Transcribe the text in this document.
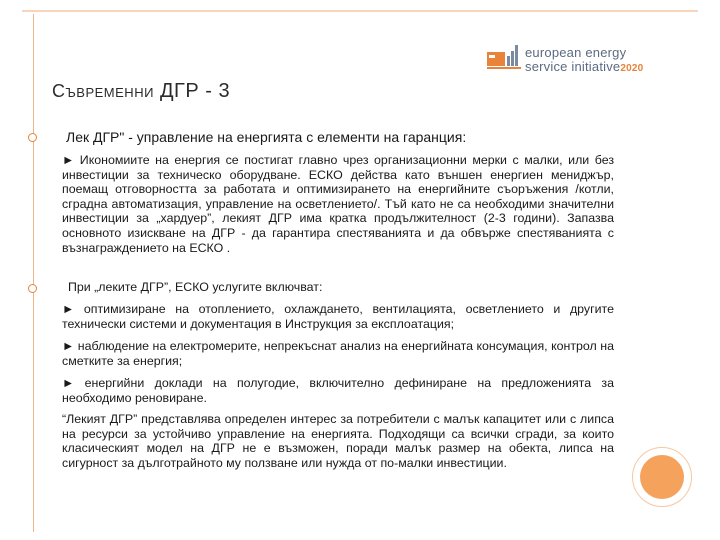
european energy
service initiative2020
Съвременни ДГР - 3
Лек ДГР" - управление на енергията с елементи на гаранция:
► Икономиите на енергия се постигат главно чрез организационни мерки с малки, или без инвестиции за техническо оборудване. ЕСКО действа като външен енергиен мениджър, поемащ отговорността за работата и оптимизирането на енергийните съоръжения /котли, сградна автоматизация, управление на осветлението/. Тъй като не са необходими значителни инвестиции за „хардуер”, лекият ДГР има кратка продължителност (2-3 години). Запазва основното изискване на ДГР - да гарантира спестяванията и да обвърже спестяванията с възнаграждението на ЕСКО .
При „леките ДГР”, ЕСКО услугите включват:
► оптимизиране на отоплението, охлаждането, вентилацията, осветлението и другите технически системи и документация в Инструкция за експлоатация;
► наблюдение на електромерите, непрекъснат анализ на енергийната консумация, контрол на сметките за енергия;
► енергийни доклади на полугодие, включително дефиниране на предложенията за необходимо реновиране.
“Лекият ДГР” представлява определен интерес за потребители с малък капацитет или с липса на ресурси за устойчиво управление на енергията. Подходящи са всички сгради, за които класическият модел на ДГР не е възможен, поради малък размер на обекта, липса на сигурност за дълготрайното му ползване или нужда от по-малки инвестиции.
